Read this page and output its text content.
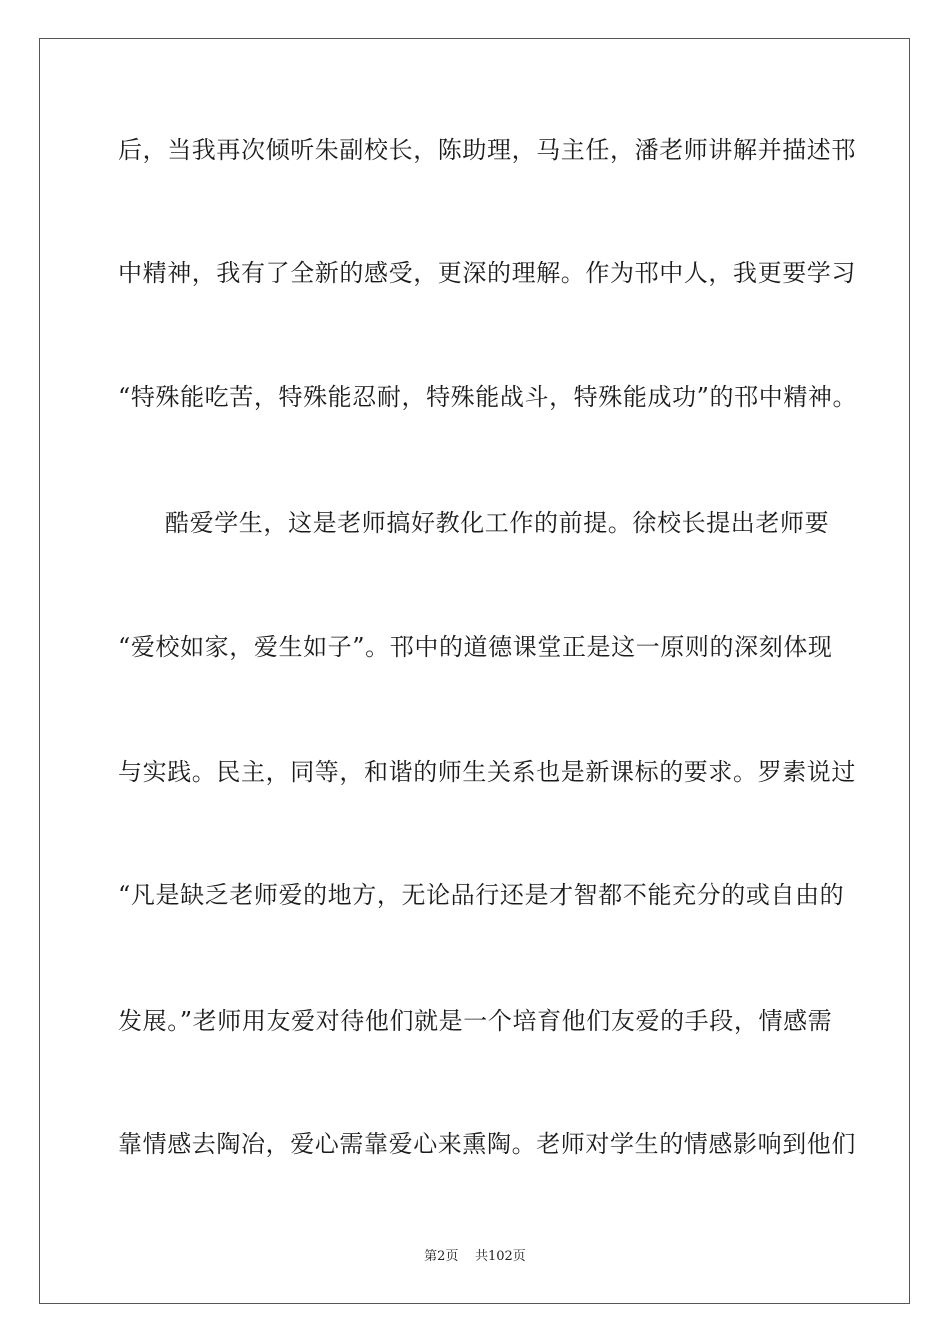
后，当我再次倾听朱副校长，陈助理，马主任，潘老师讲解并描述邗
中精神，我有了全新的感受，更深的理解。作为邗中人，我更要学习
“特殊能吃苦，特殊能忍耐，特殊能战斗，特殊能成功”的邗中精神。
酷爱学生，这是老师搞好教化工作的前提。徐校长提出老师要
“爱校如家，爱生如子”。邗中的道德课堂正是这一原则的深刻体现
与实践。民主，同等，和谐的师生关系也是新课标的要求。罗素说过
“凡是缺乏老师爱的地方，无论品行还是才智都不能充分的或自由的
发展。”老师用友爱对待他们就是一个培育他们友爱的手段，情感需
靠情感去陶冶，爱心需靠爱心来熏陶。老师对学生的情感影响到他们
第2页 共102页
